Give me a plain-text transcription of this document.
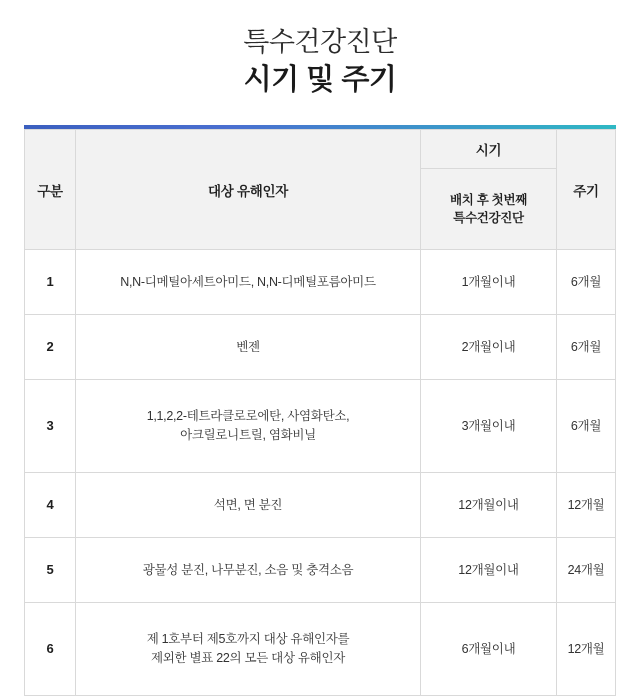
특수건강진단
시기 및 주기
구분	대상 유해인자	시기	주기

		배치 후 첫번째
특수건강진단	

1	N,N-디메틸아세트아미드, N,N-디메틸포름아미드	1개월이내	6개월
2	벤젠	2개월이내	6개월
3	1,1,2,2-테트라클로로에탄, 사염화탄소,
아크릴로니트릴, 염화비닐	3개월이내	6개월
4	석면, 면 분진	12개월이내	12개월
5	광물성 분진, 나무분진, 소음 및 충격소음	12개월이내	24개월
6	제 1호부터 제5호까지 대상 유해인자를
제외한 별표 22의 모든 대상 유해인자	6개월이내	12개월
